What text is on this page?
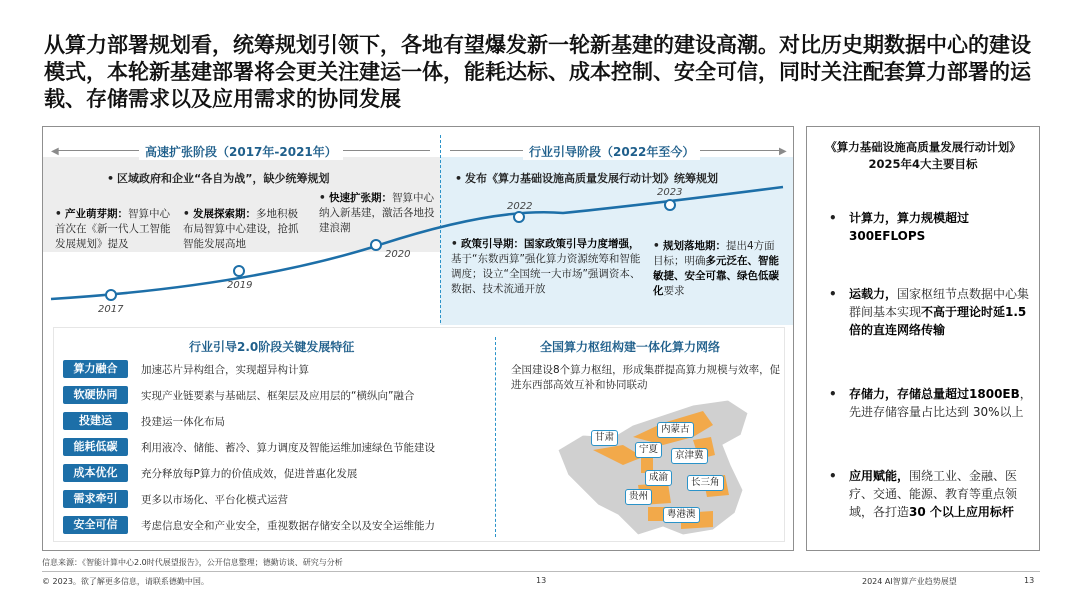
从算力部署规划看，统筹规划引领下，各地有望爆发新一轮新基建的建设高潮。对比历史期数据中心的建设模式，本轮新基建部署将会更关注建运一体，能耗达标、成本控制、安全可信，同时关注配套算力部署的运载、存储需求以及应用需求的协同发展
◀	▶
高速扩张阶段（2017年-2021年）	行业引导阶段（2022年至今）
• 区域政府和企业“各自为战”，缺少统筹规划	• 发布《算力基础设施高质量发展行动计划》统筹规划
2017
2019
2020
2022
2023
• 产业萌芽期：智算中心首次在《新一代人工智能发展规划》提及
• 发展探索期：多地积极布局智算中心建设，抢抓智能发展高地
• 快速扩张期：智算中心纳入新基建，激活各地投建浪潮
• 政策引导期：国家政策引导力度增强，基于“东数西算”强化算力资源统筹和智能调度；设立“全国统一大市场”强调资本、数据、技术流通开放
• 规划落地期：提出4方面目标；明确多元泛在、智能敏捷、安全可靠、绿色低碳化要求
行业引导2.0阶段关键发展特征
算力融合	加速芯片异构组合，实现超异构计算
软硬协同	实现产业链要素与基础层、框架层及应用层的“横纵向”融合
投建运	投建运一体化布局
能耗低碳	利用液冷、储能、蓄冷、算力调度及智能运维加速绿色节能建设
成本优化	充分释放每P算力的价值成效，促进普惠化发展
需求牵引	更多以市场化、平台化模式运营
安全可信	考虑信息安全和产业安全，重视数据存储安全以及安全运维能力
全国算力枢纽构建一体化算力网络
全国建设8个算力枢纽，形成集群提高算力规模与效率，促进东西部高效互补和协同联动
甘肃
内蒙古
宁夏
京津冀
成渝	长三角
贵州
粤港澳
《算力基础设施高质量发展行动计划》
2025年4大主要目标
• 计算力，算力规模超过300EFLOPS
• 运载力，国家枢纽节点数据中心集群间基本实现不高于理论时延1.5倍的直连网络传输
• 存储力，存储总量超过1800EB，先进存储容量占比达到 30%以上
• 应用赋能，围绕工业、金融、医疗、交通、能源、教育等重点领域，各打造30 个以上应用标杆
信息来源：《智能计算中心2.0时代展望报告》，公开信息整理；德勤访谈、研究与分析
© 2023。欲了解更多信息，请联系德勤中国。	13	2024 AI智算产业趋势展望	13
